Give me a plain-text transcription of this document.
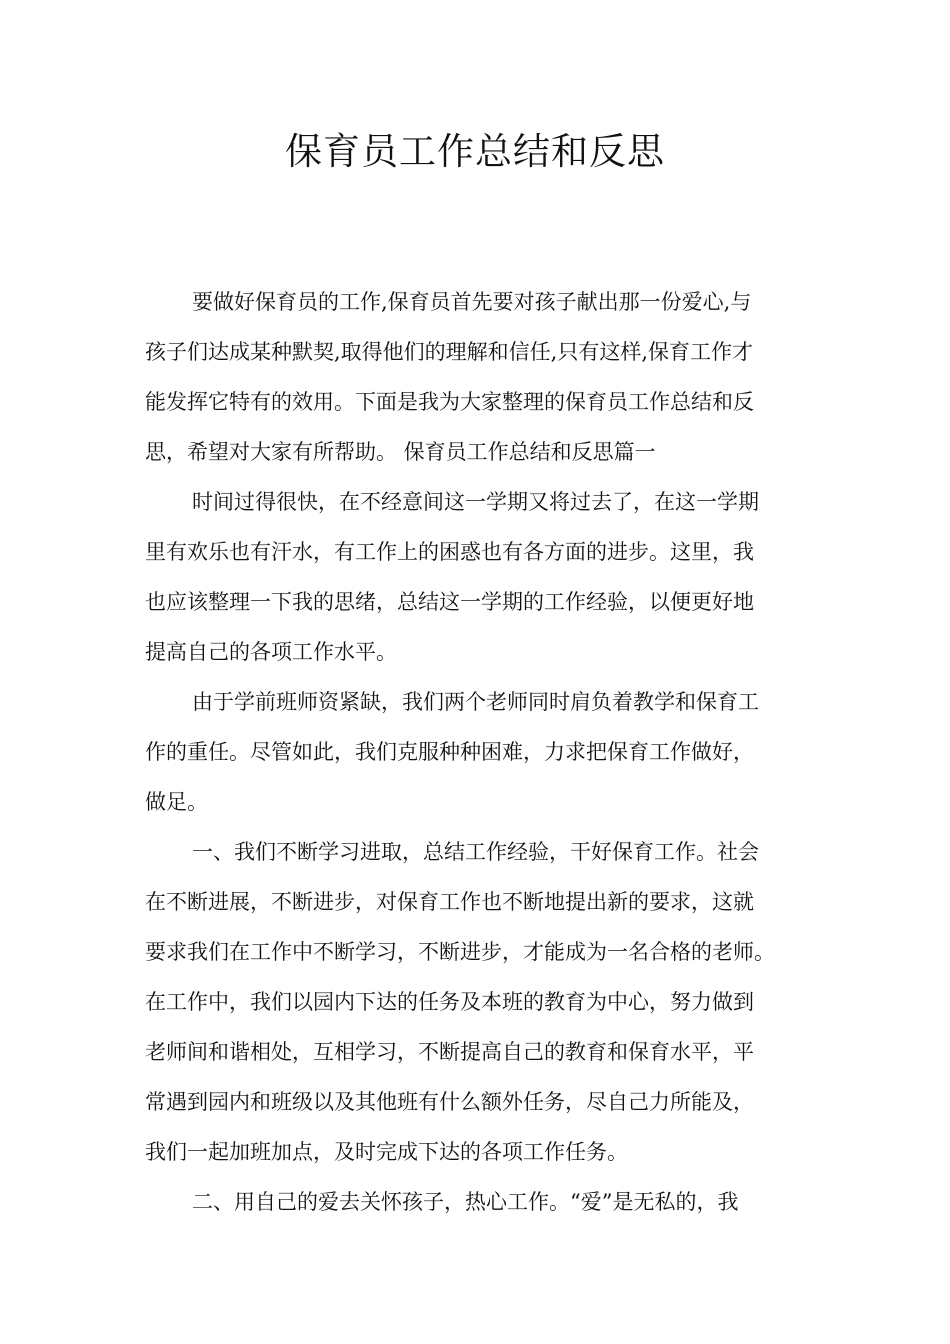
保育员工作总结和反思
要做好保育员的工作,保育员首先要对孩子献出那一份爱心,与
孩子们达成某种默契,取得他们的理解和信任,只有这样,保育工作才
能发挥它特有的效用。下面是我为大家整理的保育员工作总结和反
思，希望对大家有所帮助。 保育员工作总结和反思篇一
时间过得很快，在不经意间这一学期又将过去了，在这一学期
里有欢乐也有汗水，有工作上的困惑也有各方面的进步。这里，我
也应该整理一下我的思绪，总结这一学期的工作经验，以便更好地
提高自己的各项工作水平。
由于学前班师资紧缺，我们两个老师同时肩负着教学和保育工
作的重任。尽管如此，我们克服种种困难，力求把保育工作做好，
做足。
一、我们不断学习进取，总结工作经验，干好保育工作。社会
在不断进展，不断进步，对保育工作也不断地提出新的要求，这就
要求我们在工作中不断学习，不断进步，才能成为一名合格的老师。
在工作中，我们以园内下达的任务及本班的教育为中心，努力做到
老师间和谐相处，互相学习，不断提高自己的教育和保育水平，平
常遇到园内和班级以及其他班有什么额外任务，尽自己力所能及，
我们一起加班加点，及时完成下达的各项工作任务。
二、用自己的爱去关怀孩子，热心工作。“爱”是无私的，我
